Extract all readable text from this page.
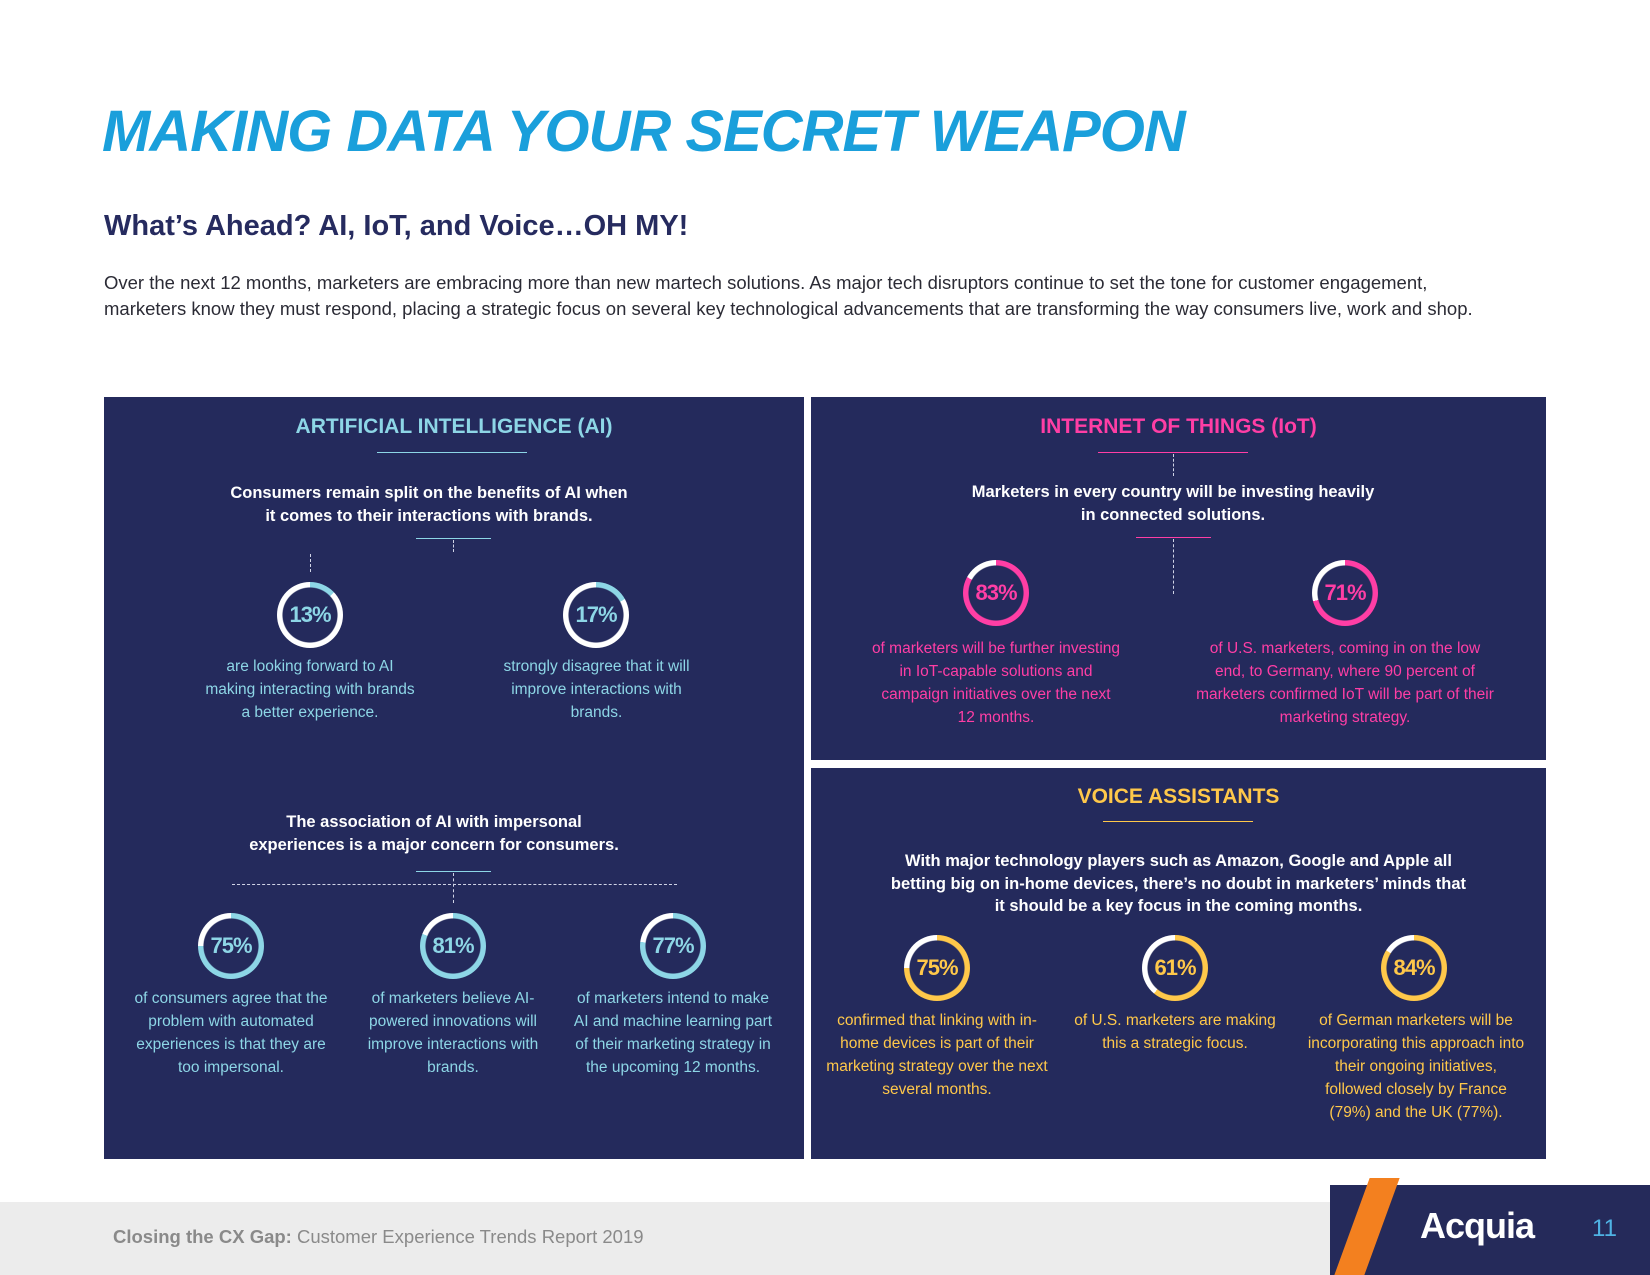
MAKING DATA YOUR SECRET WEAPON
What’s Ahead? AI, IoT, and Voice…OH MY!

Over the next 12 months, marketers are embracing more than new martech solutions. As major tech disruptors continue to set the tone for customer engagement, marketers know they must respond, placing a strategic focus on several key technological advancements that are transforming the way consumers live, work and shop.

ARTIFICIAL INTELLIGENCE (AI)
Consumers remain split on the benefits of AI when it comes to their interactions with brands.
13%
are looking forward to AI making interacting with brands a better experience.
17%
strongly disagree that it will improve interactions with brands.
The association of AI with impersonal experiences is a major concern for consumers.
75%
of consumers agree that the problem with automated experiences is that they are too impersonal.
81%
of marketers believe AI-powered innovations will improve interactions with brands.
77%
of marketers intend to make AI and machine learning part of their marketing strategy in the upcoming 12 months.
INTERNET OF THINGS (IoT)
Marketers in every country will be investing heavily in connected solutions.
83%
of marketers will be further investing in IoT-capable solutions and campaign initiatives over the next 12 months.
71%
of U.S. marketers, coming in on the low end, to Germany, where 90 percent of marketers confirmed IoT will be part of their marketing strategy.
VOICE ASSISTANTS
With major technology players such as Amazon, Google and Apple all betting big on in-home devices, there’s no doubt in marketers’ minds that it should be a key focus in the coming months.
75%
confirmed that linking with in-home devices is part of their marketing strategy over the next several months.
61%
of U.S. marketers are making this a strategic focus.
84%
of German marketers will be incorporating this approach into their ongoing initiatives, followed closely by France (79%) and the UK (77%).
Closing the CX Gap: Customer Experience Trends Report 2019	Acquia 11
